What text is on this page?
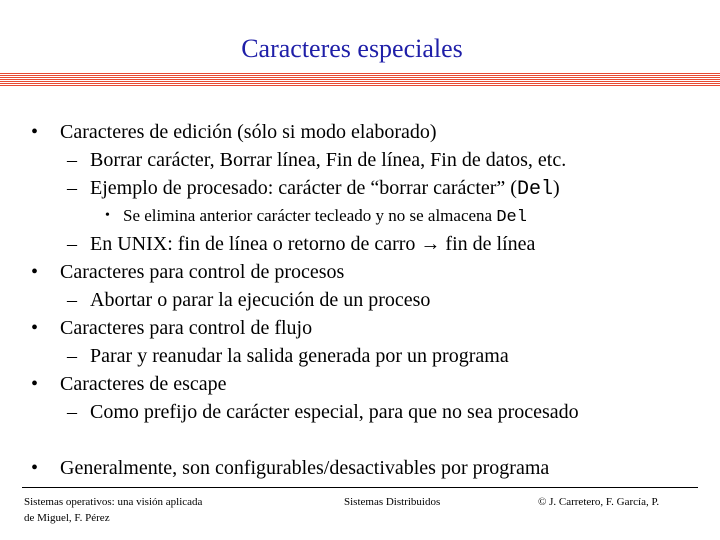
Caracteres especiales
• Caracteres de edición (sólo si modo elaborado)
– Borrar carácter, Borrar línea, Fin de línea, Fin de datos, etc.
– Ejemplo de procesado: carácter de “borrar carácter” (Del)
• Se elimina anterior carácter tecleado y no se almacena Del
– En UNIX: fin de línea o retorno de carro → fin de línea
• Caracteres para control de procesos
– Abortar o parar la ejecución de un proceso
• Caracteres para control de flujo
– Parar y reanudar la salida generada por un programa
• Caracteres de escape
– Como prefijo de carácter especial, para que no sea procesado
• Generalmente, son configurables/desactivables por programa
Sistemas operativos: una visión aplicada
de Miguel, F. Pérez
Sistemas Distribuidos	© J. Carretero, F. García, P.
